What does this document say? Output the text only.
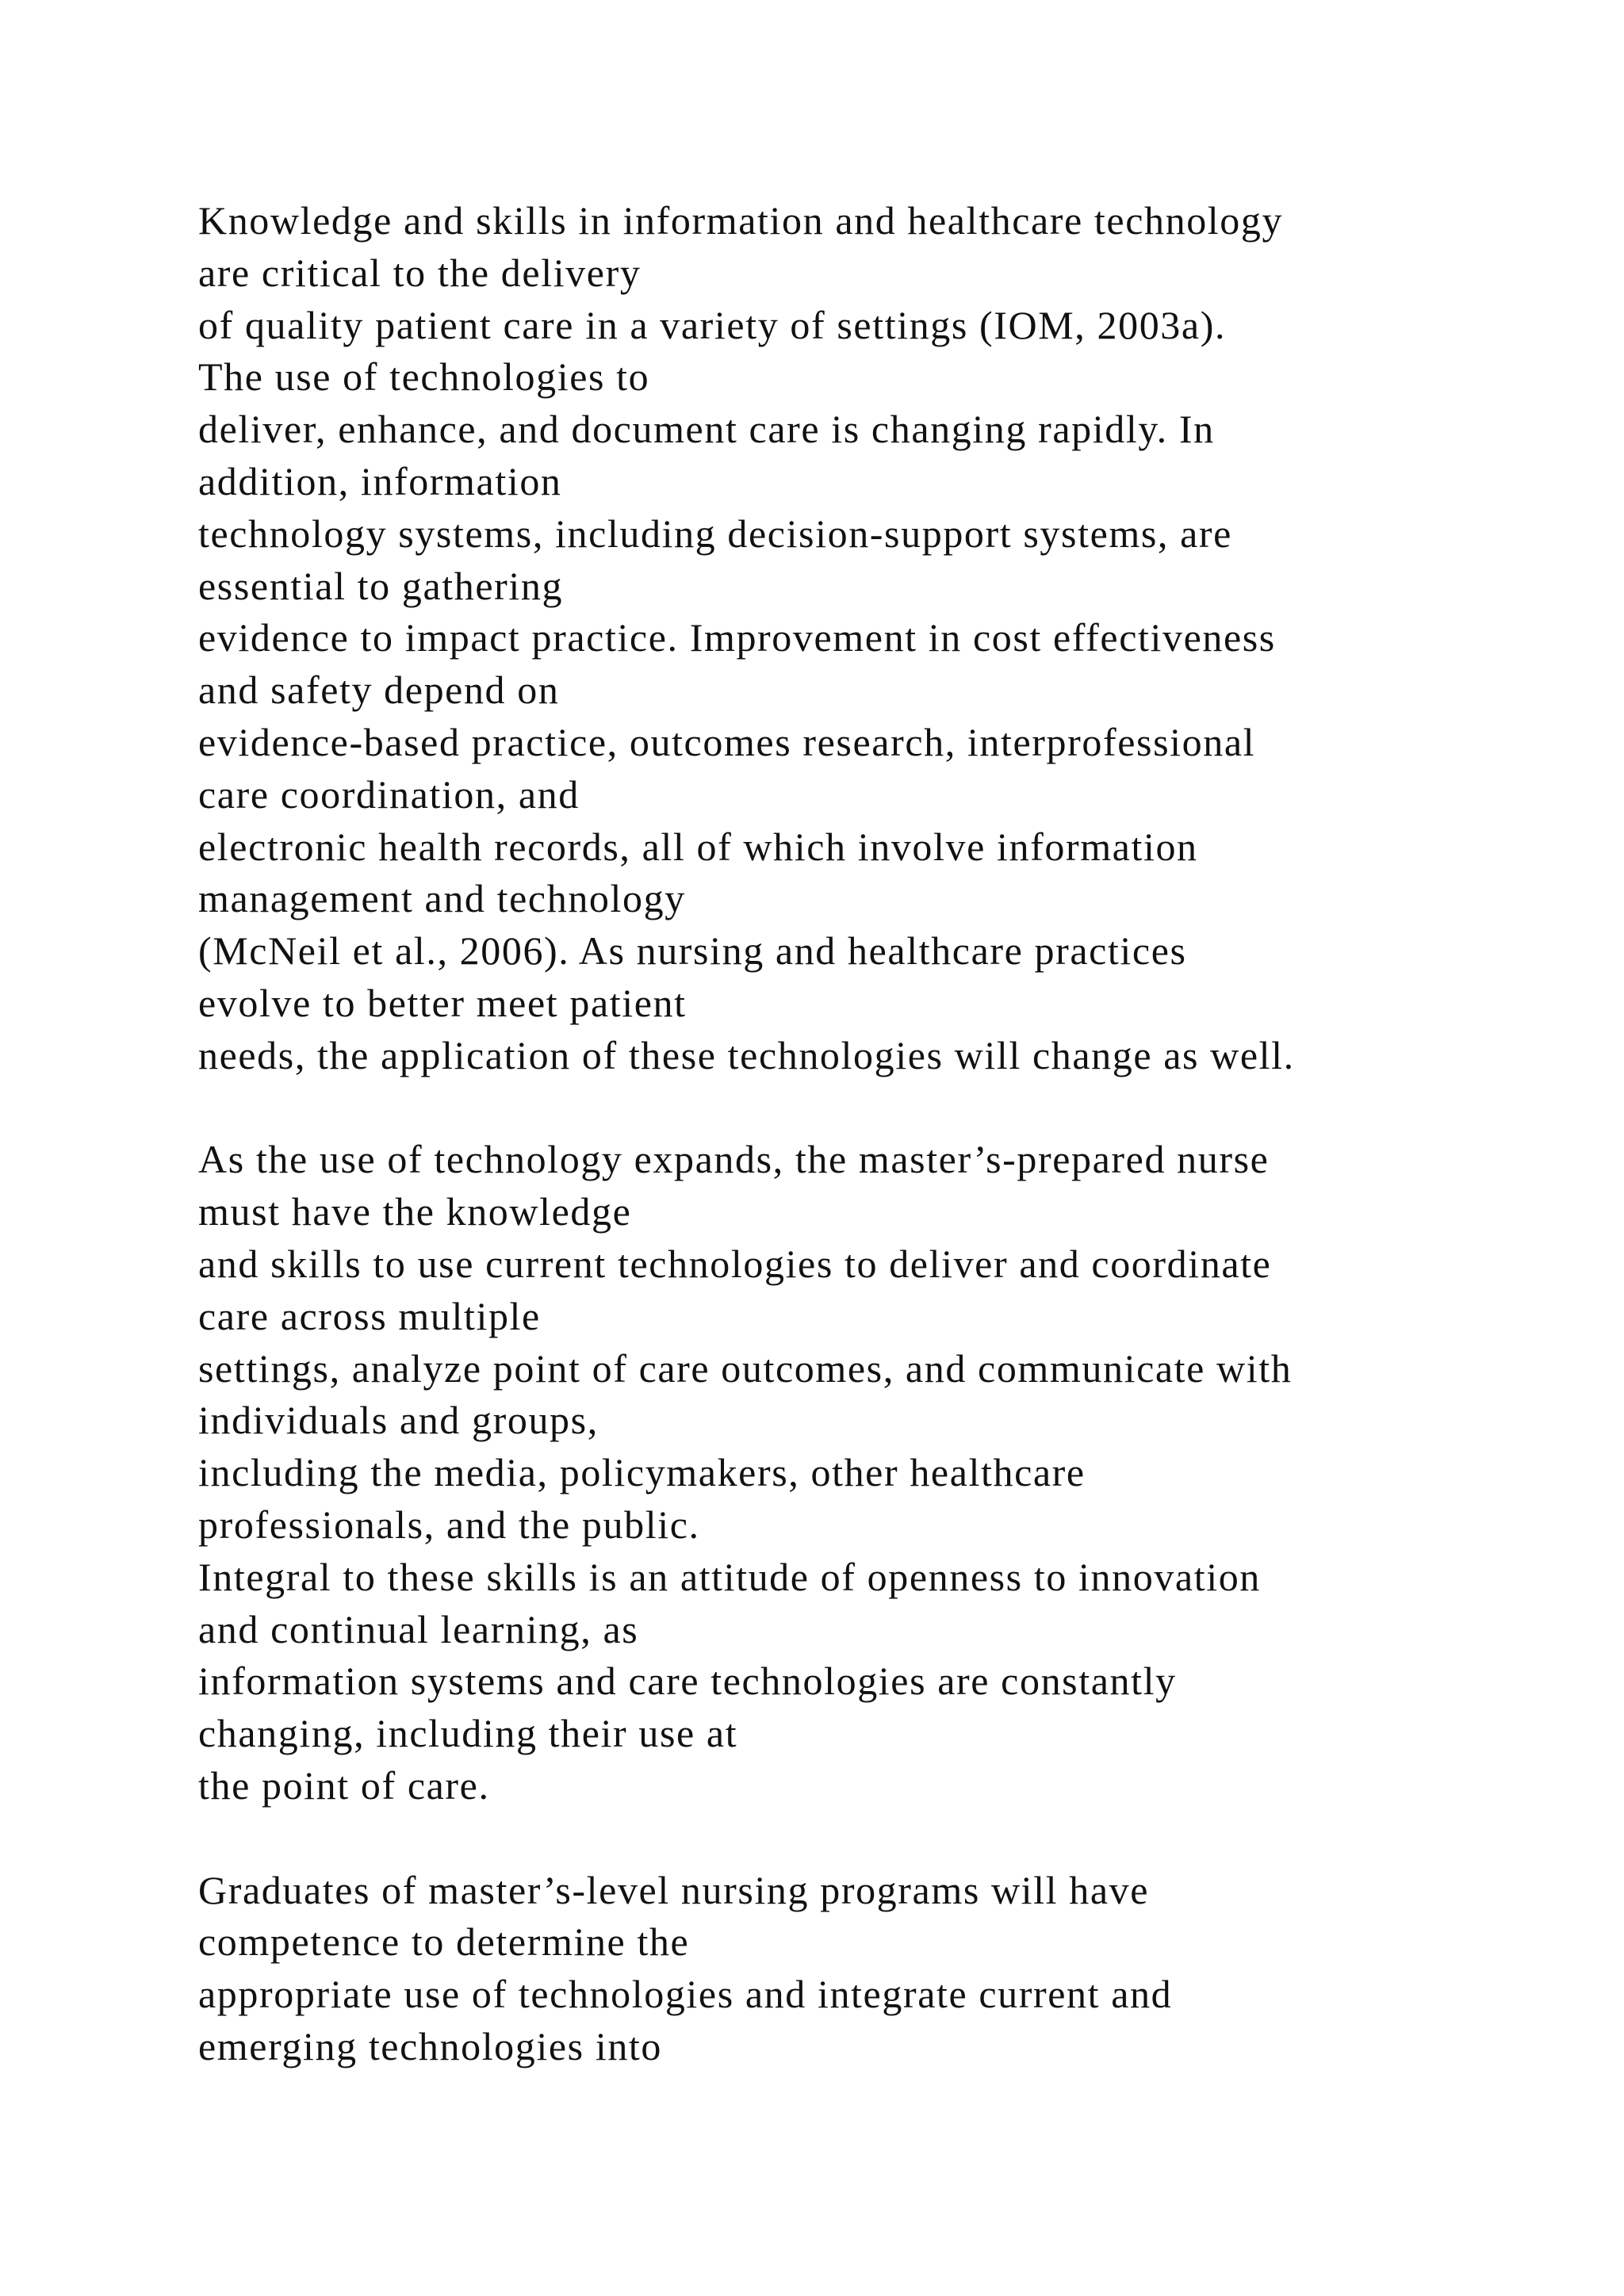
Knowledge and skills in information and healthcare technology
are critical to the delivery
of quality patient care in a variety of settings (IOM, 2003a).
The use of technologies to
deliver, enhance, and document care is changing rapidly. In
addition, information
technology systems, including decision-support systems, are
essential to gathering
evidence to impact practice. Improvement in cost effectiveness
and safety depend on
evidence-based practice, outcomes research, interprofessional
care coordination, and
electronic health records, all of which involve information
management and technology
(McNeil et al., 2006). As nursing and healthcare practices
evolve to better meet patient
needs, the application of these technologies will change as well.
As the use of technology expands, the master’s-prepared nurse
must have the knowledge
and skills to use current technologies to deliver and coordinate
care across multiple
settings, analyze point of care outcomes, and communicate with
individuals and groups,
including the media, policymakers, other healthcare
professionals, and the public.
Integral to these skills is an attitude of openness to innovation
and continual learning, as
information systems and care technologies are constantly
changing, including their use at
the point of care.
Graduates of master’s-level nursing programs will have
competence to determine the
appropriate use of technologies and integrate current and
emerging technologies into
